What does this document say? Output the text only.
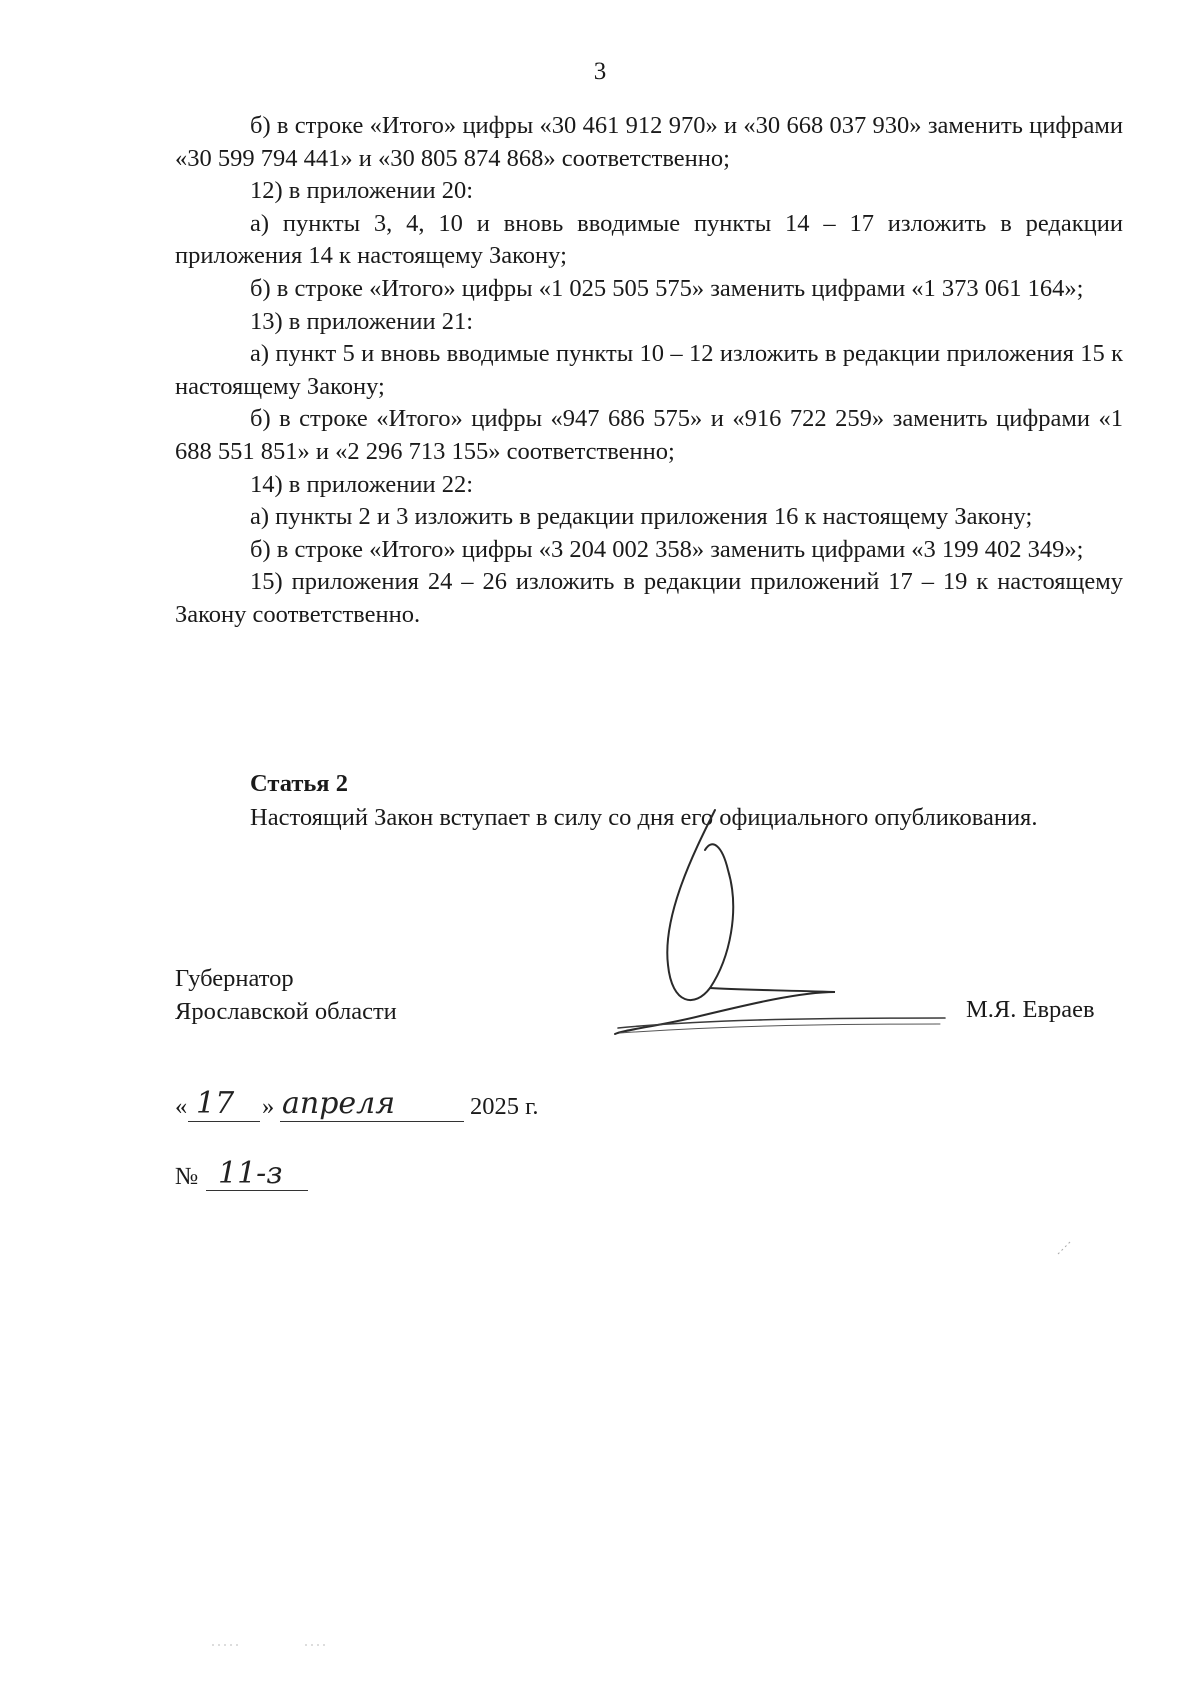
3

б) в строке «Итого» цифры «30 461 912 970» и «30 668 037 930» заменить цифрами «30 599 794 441» и «30 805 874 868» соответственно;

12) в приложении 20:

а) пункты 3, 4, 10 и вновь вводимые пункты 14 – 17 изложить в редакции приложения 14 к настоящему Закону;

б) в строке «Итого» цифры «1 025 505 575» заменить цифрами «1 373 061 164»;

13) в приложении 21:

а) пункт 5 и вновь вводимые пункты 10 – 12 изложить в редакции приложения 15 к настоящему Закону;

б) в строке «Итого» цифры «947 686 575» и «916 722 259» заменить цифрами «1 688 551 851» и «2 296 713 155» соответственно;

14) в приложении 22:

а) пункты 2 и 3 изложить в редакции приложения 16 к настоящему Закону;

б) в строке «Итого» цифры «3 204 002 358» заменить цифрами «3 199 402 349»;

15) приложения 24 – 26 изложить в редакции приложений 17 – 19 к настоящему Закону соответственно.

Статья 2

Настоящий Закон вступает в силу со дня его официального опубликования.

Губернатор
Ярославской области	М.Я. Евраев
« 17 » апреля	2025 г.
№ 11-з
